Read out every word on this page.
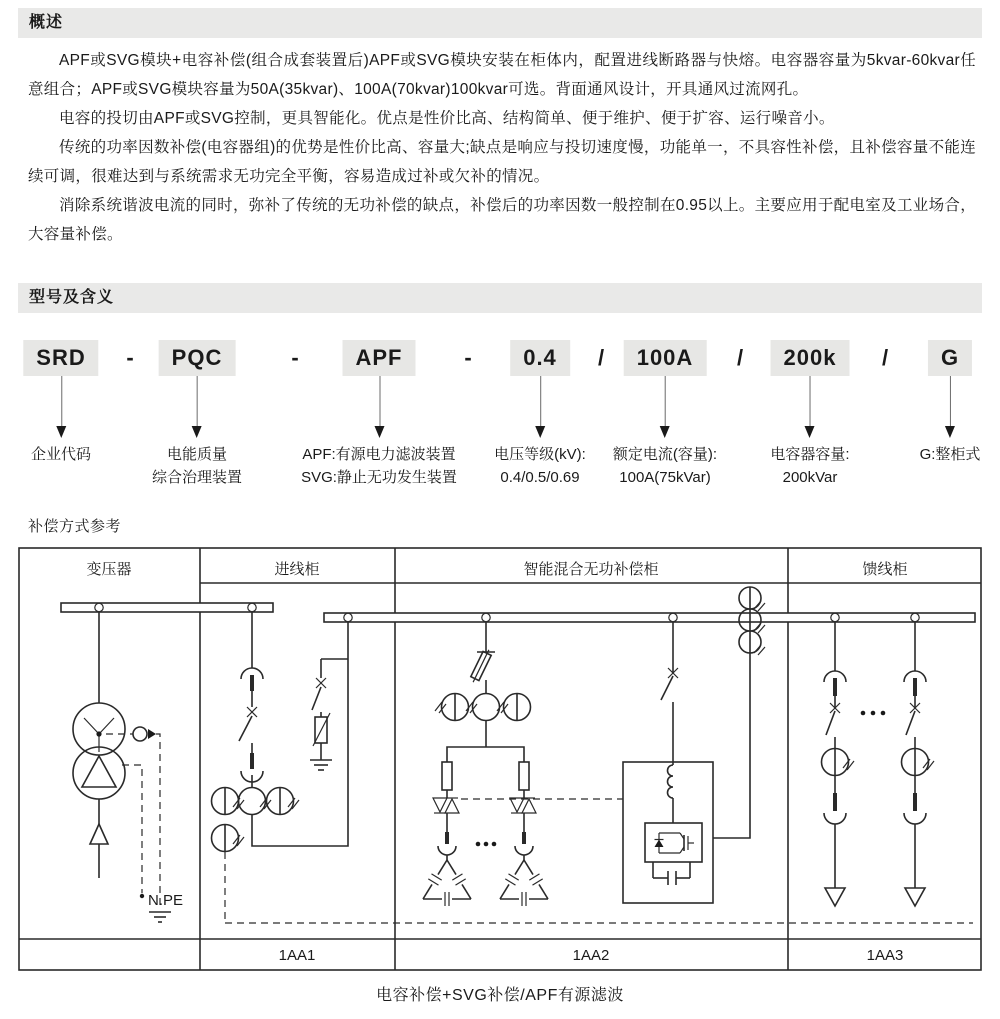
概述

APF或SVG模块+电容补偿(组合成套装置后)APF或SVG模块安装在柜体内，配置进线断路器与快熔。电容器容量为5kvar-60kvar任意组合；APF或SVG模块容量为50A(35kvar)、100A(70kvar)100kvar可选。背面通风设计，开具通风过流网孔。

电容的投切由APF或SVG控制，更具智能化。优点是性价比高、结构简单、便于维护、便于扩容、运行噪音小。

传统的功率因数补偿(电容器组)的优势是性价比高、容量大;缺点是响应与投切速度慢，功能单一，不具容性补偿，且补偿容量不能连续可调，很难达到与系统需求无功完全平衡，容易造成过补或欠补的情况。

消除系统谐波电流的同时，弥补了传统的无功补偿的缺点，补偿后的功率因数一般控制在0.95以上。主要应用于配电室及工业场合，大容量补偿。

型号及含义
SRD
企业代码
-	PQC
电能质量
综合治理装置
-	APF
APF:有源电力滤波装置
SVG:静止无功发生装置
-	0.4
电压等级(kV):
0.4/0.5/0.69
/	100A
额定电流(容量):
100A(75kVar)
/	200k
电容器容量:
200kVar
/	G
G:整柜式
补偿方式参考
变压器	进线柜	智能混合无功补偿柜	馈线柜
1AA1	1AA2	1AA3
N.PE
电容补偿+SVG补偿/APF有源滤波
